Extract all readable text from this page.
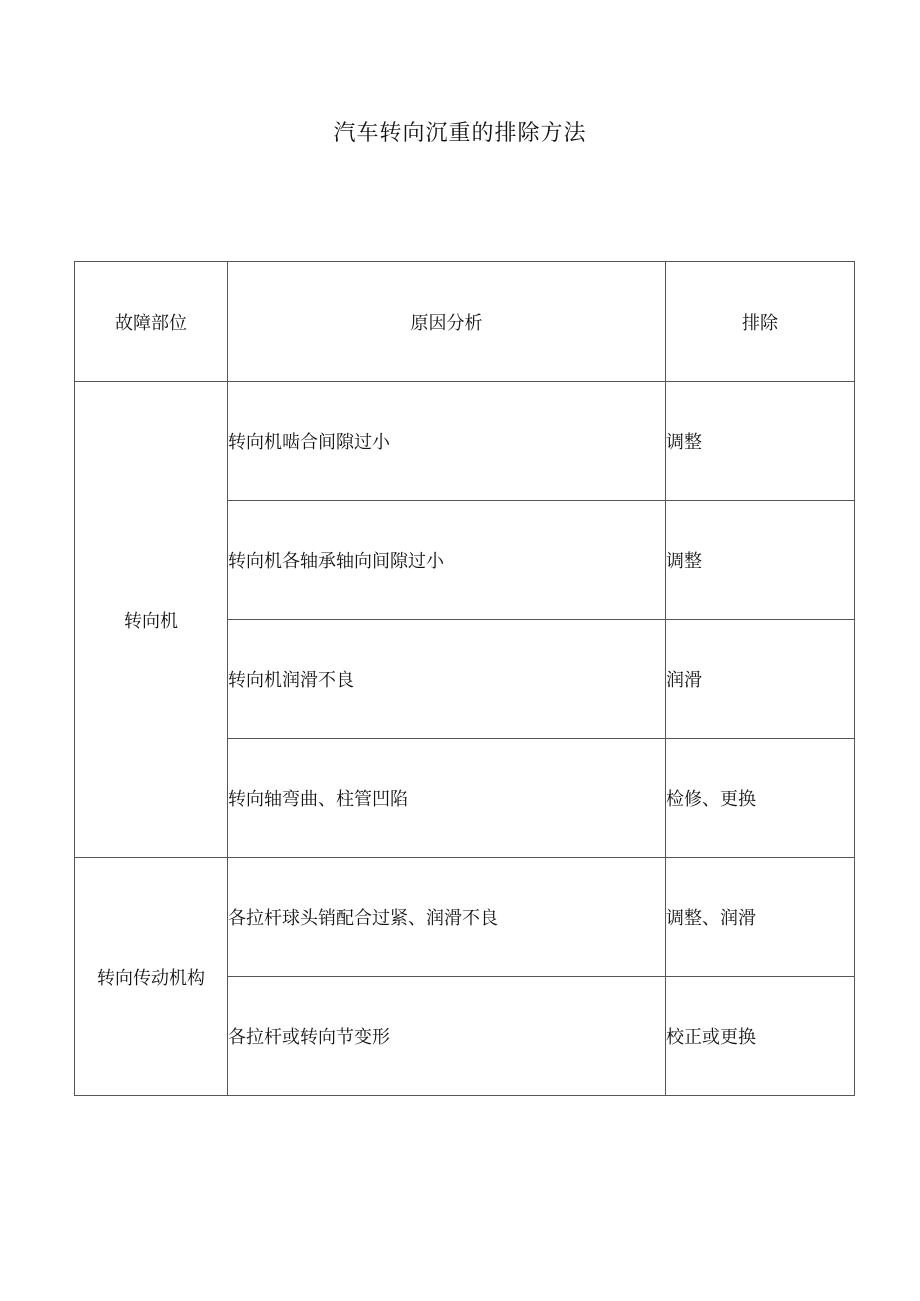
汽车转向沉重的排除方法
故障部位	原因分析	排除
转向机	转向机啮合间隙过小	调整
	转向机各轴承轴向间隙过小	调整
	转向机润滑不良	润滑
	转向轴弯曲、柱管凹陷	检修、更换
转向传动机构	各拉杆球头销配合过紧、润滑不良	调整、润滑
	各拉杆或转向节变形	校正或更换
